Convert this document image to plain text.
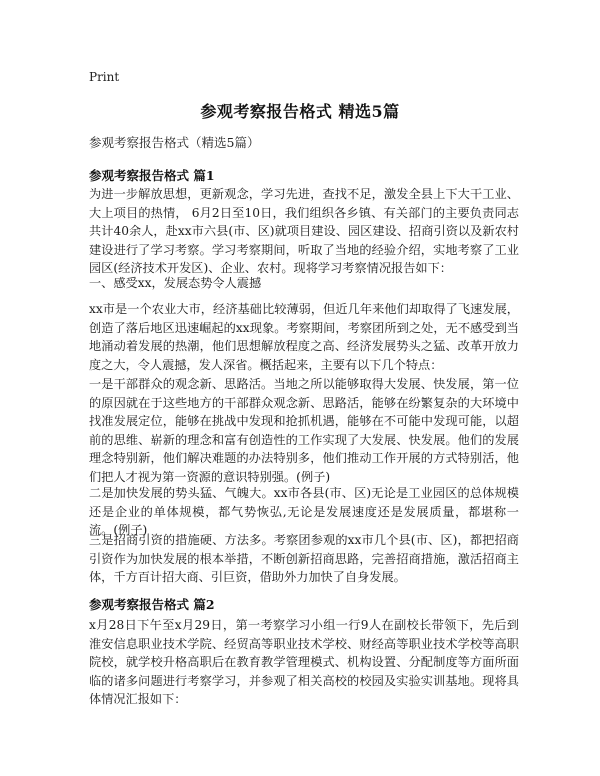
Print
参观考察报告格式 精选5篇
参观考察报告格式（精选5篇）
参观考察报告格式 篇1

为进一步解放思想，更新观念，学习先进，查找不足，激发全县上下大干工业、大上项目的热情， 6月2日至10日，我们组织各乡镇、有关部门的主要负责同志共计40余人，赴xx市六县(市、区)就项目建设、园区建设、招商引资以及新农村建设进行了学习考察。学习考察期间，听取了当地的经验介绍，实地考察了工业园区(经济技术开发区)、企业、农村。现将学习考察情况报告如下：

一、感受xx，发展态势令人震撼

xx市是一个农业大市，经济基础比较薄弱，但近几年来他们却取得了飞速发展，创造了落后地区迅速崛起的xx现象。考察期间，考察团所到之处，无不感受到当地涌动着发展的热潮，他们思想解放程度之高、经济发展势头之猛、改革开放力度之大，令人震撼，发人深省。概括起来，主要有以下几个特点：

一是干部群众的观念新、思路活。当地之所以能够取得大发展、快发展，第一位的原因就在于这些地方的干部群众观念新、思路活，能够在纷繁复杂的大环境中找准发展定位，能够在挑战中发现和抢抓机遇，能够在不可能中发现可能，以超前的思维、崭新的理念和富有创造性的工作实现了大发展、快发展。他们的发展理念特别新，他们解决难题的办法特别多，他们推动工作开展的方式特别活，他们把人才视为第一资源的意识特别强。(例子)

二是加快发展的势头猛、气魄大。xx市各县(市、区)无论是工业园区的总体规模还是企业的单体规模，都气势恢弘,无论是发展速度还是发展质量，都堪称一流。(例子)

三是招商引资的措施硬、方法多。考察团参观的xx市几个县(市、区)，都把招商引资作为加快发展的根本举措，不断创新招商思路，完善招商措施，激活招商主体，千方百计招大商、引巨资，借助外力加快了自身发展。

参观考察报告格式 篇2

x月28日下午至x月29日，第一考察学习小组一行9人在副校长带领下，先后到淮安信息职业技术学院、经贸高等职业技术学校、财经高等职业技术学校等高职院校，就学校升格高职后在教育教学管理模式、机构设置、分配制度等方面所面临的诸多问题进行考察学习，并参观了相关高校的校园及实验实训基地。现将具体情况汇报如下：
